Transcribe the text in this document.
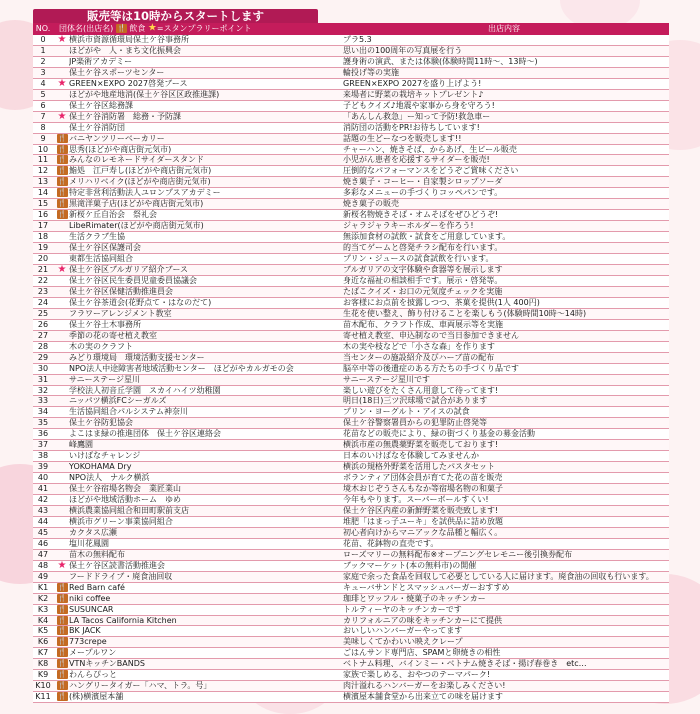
販売等は10時からスタートします
NO.	団体名(出店名) 🍴 飲食 ★=スタンプラリーポイント	出店内容
0	★ 横浜市資源循環局保土ケ谷事務所	プラ5.3
1	ほどがや　人・まち文化振興会	思い出の100周年の写真展を行う
2	JP楽術アカデミー	護身術の演武、または体験(体験時間11時〜、13時〜)
3	保土ケ谷スポーツセンター	輪投げ等の実施
4	★ GREEN×EXPO 2027啓発ブース	GREEN×EXPO 2027を盛り上げよう!
5	ほどがや地産地消(保土ケ谷区区政推進課)	来場者に野菜の栽培キットプレゼント♪
6	保土ケ谷区総務課	子どもクイズ♪地震や家事から身を守ろう!
7	★ 保土ケ谷消防署　総務・予防課	「あんしん救急」ー知って予防!救急車ー
8	保土ケ谷消防団	消防団の活動をPR!お待ちしています!
9	🍴 バニヤンツリーベーカリー	話題の生どーなつを販売します!!
10	🍴 思秀(ほどがや商店街元気市)	チャーハン、焼きそば、からあげ、生ビール販売
11	🍴 みんなのレモネードサイダースタンド	小児がん患者を応援するサイダーを販売!
12	🍴 鮨処　江戸寿し(ほどがや商店街元気市)	圧倒的なパフォーマンスをどうぞご賞味ください
13	🍴 メリハリベイク(ほどがや商店街元気市)	焼き菓子・コーヒー・自家製シロップソーダ
14	🍴 特定非営利活動法人ユロンプスアカデミー	多彩なメニューの手づくりコッペパンです。
15	🍴 黒滝洋菓子店(ほどがや商店街元気市)	焼き菓子の販売
16	🍴 新桜ケ丘自治会　祭礼会	新桜名物焼きそば・オムそばをぜひどうぞ!
17	LibeRimater(ほどがや商店街元気市)	ジャラジャラキーホルダーを作ろう!
18	生活クラブ生協	無添加食材の試飲・試食をご用意しています。
19	保土ケ谷区保護司会	的当てゲームと啓発チラシ配布を行います。
20	東都生活協同組合	プリン・ジュースの試食試飲を行います。
21 ★ 保土ケ谷区ブルガリア紹介ブース	ブルガリアの文字体験や食器等を展示します
22	保土ケ谷区民生委員児童委員協議会	身近な福祉の相談相手です。展示・啓発等。
23	保土ケ谷区保健活動推進員会	たばこクイズ・お口の元気度チェックを実施
24	保土ケ谷茶道会(花野点て・はなのだて)	お客様にお点前を披露しつつ、茶菓を提供(1人 400円)
25	フラワーアレンジメント教室	生花を使い整え、飾り付けることを楽しもう(体験時間10時〜14時)
26	保土ケ谷土木事務所	苗木配布、クラフト作成、車両展示等を実施
27	季節の花の寄せ植え教室	寄せ植え教室、申込制なので当日参加できません
28	木の実のクラフト	木の実や枝などで「小さな森」を作ります
29	みどり環境局　環境活動支援センター	当センターの施設紹介及びハーブ苗の配布
30	NPO法人中途障害者地域活動センター　ほどがやカルガモの会	脳卒中等の後遺症のある方たちの手づくり品です
31	サニーステージ星川	サニーステージ星川です
32	学校法人初音丘学園　スカイハイツ幼稚園	楽しい遊びをたくさん用意して待ってます!
33	ニッパツ横浜FCシーガルズ	明日(18日)三ツ沢球場で試合があります
34	生活協同組合パルシステム神奈川	プリン・ヨーグルト・アイスの試食
35	保土ケ谷防犯協会	保土ケ谷警察署員からの犯罪防止啓発等
36	よこはま緑の推進団体　保土ケ谷区連絡会	花苗などの販売により、緑の街づくり基金の募金活動
37	峰鷹園	横浜市産の無農薬野菜を販売しております!
38	いけばなチャレンジ	日本のいけばなを体験してみませんか
39	YOKOHAMA Dry	横浜の規格外野菜を活用したパスタセット
40	NPO法人　ナルク横浜	ボランティア団体会員が育てた花の苗を販売
41	保土ケ谷宿場名物会　業匠業山	境木おじぞうさんもなか等宿場名物の和菓子
42	ほどがや地域活動ホーム　ゆめ	今年もやります。スーパーボールすくい!
43	横浜農業協同組合和田町駅前支店	保土ケ谷区内産の新鮮野菜を販売致します!
44	横浜市グリーン事業協同組合	堆肥「はまっ子ユーキ」を試供品に詰め放題
45	カクタス広瀬	初心者向けからマニアックな品種と幅広く。
46	塩川花鳳園	花苗、花鉢物の直売です。
47	苗木の無料配布	ローズマリーの無料配布※オープニングセレモニー後引換券配布
48 ★ 保土ケ谷区読書活動推進会	ブックマーケット(本の無料市)の開催
49	フードドライブ・廃食油回収	家庭で余った食品を回収して必要としている人に届けます。廃食油の回収も行います。
K1	🍴 Red Barn café	キューバサンドとスマッシュバーガーおすすめ
K2	🍴 niki coffee	珈琲とワッフル・焼菓子のキッチンカー
K3	🍴 SUSUNCAR	トルティーヤのキッチンカーです
K4	🍴 LA Tacos California Kitchen	カリフォルニアの味をキッチンカーにて提供
K5	🍴 BK JACK	おいしいハンバーガーやってます
K6	🍴 773crepe	美味しくてかわいい映えクレープ
K7	🍴 メープルワン	ごはんサンド専門店、SPAMと卵焼きの相性
K8	🍴 VTNキッチンBANDS	ベトナム料理、バインミー・ベトナム焼きそば・揚げ春巻き　etc…
K9	🍴 わんらぴっと	家族で楽しめる、おやつのテーマパーク!
K10 🍴 ハングリータイガー「ハマ、トラ。号」	肉汁溢れるハンバーガーをお楽しみください!
K11 🍴 (株)横濱屋本舗	横濱屋本舗食堂から出来立ての味を届けます
